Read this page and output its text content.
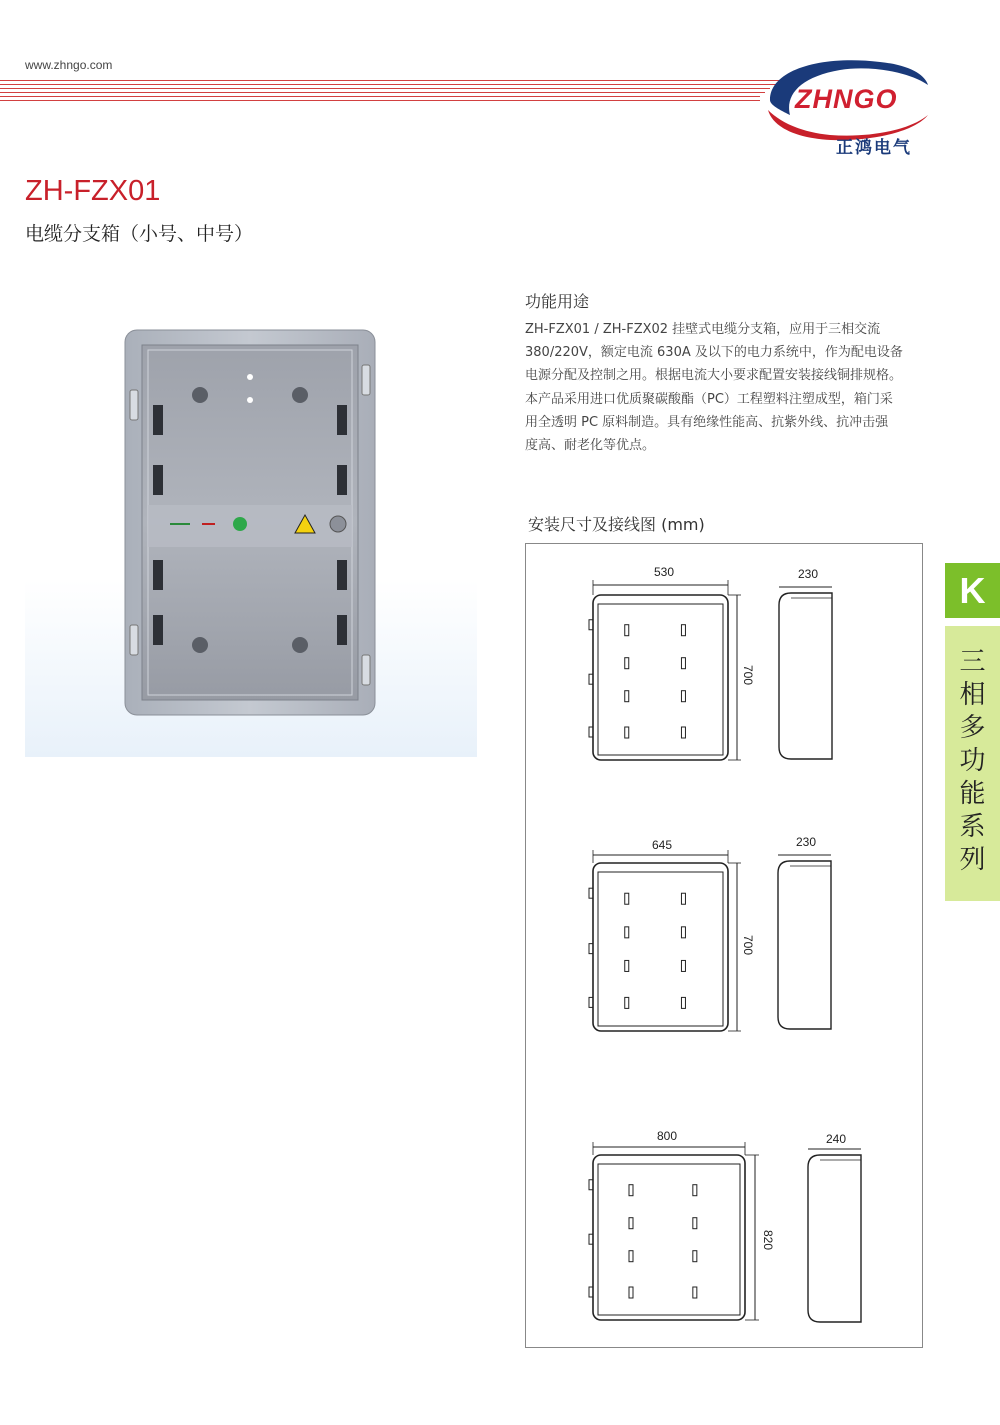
www.zhngo.com
ZHNGO
正鸿电气
ZH-FZX01
电缆分支箱（小号、中号）
功能用途
ZH-FZX01 / ZH-FZX02 挂壁式电缆分支箱，应用于三相交流
380/220V，额定电流 630A 及以下的电力系统中，作为配电设备
电源分配及控制之用。根据电流大小要求配置安装接线铜排规格。
本产品采用进口优质聚碳酸酯（PC）工程塑料注塑成型，箱门采
用全透明 PC 原料制造。具有绝缘性能高、抗紫外线、抗冲击强
度高、耐老化等优点。
安装尺寸及接线图 (mm)
530	230
700
645	230
700
800	240
820
K
三
相
多
功
能
系
列
